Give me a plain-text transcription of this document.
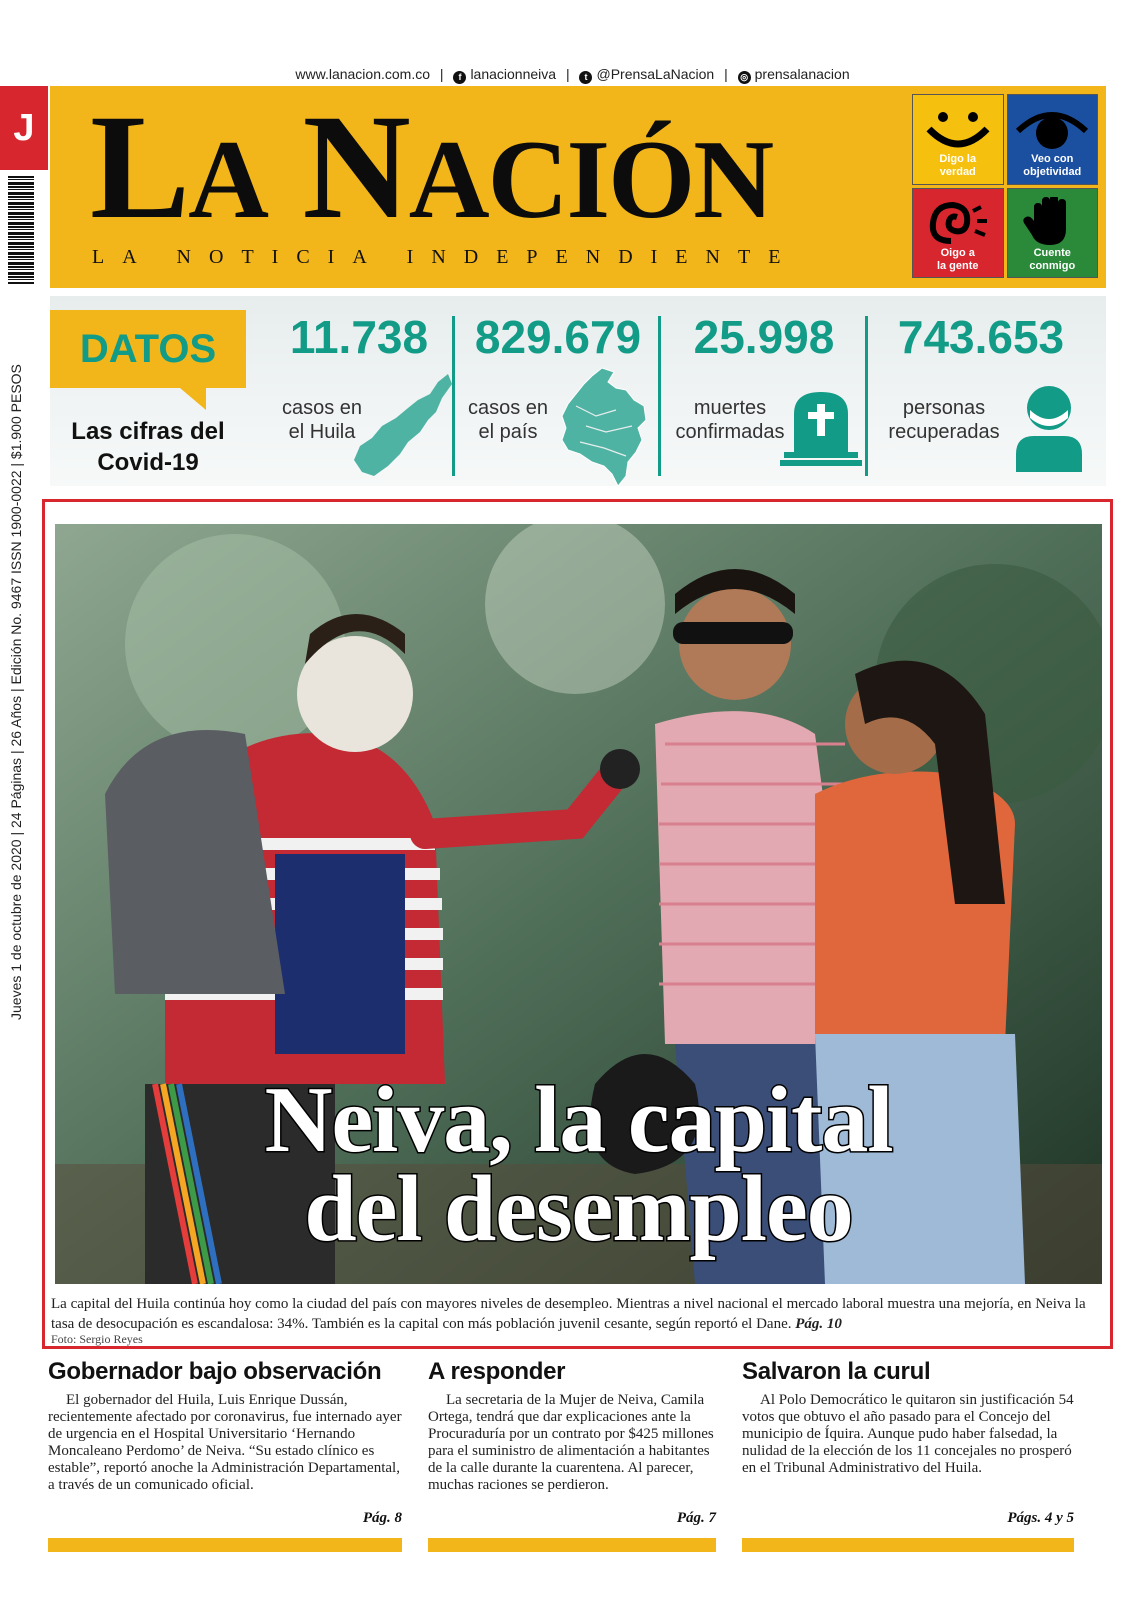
J
Jueves 1 de octubre de 2020 | 24 Páginas | 26 Años | Edición No. 9467 ISSN 1900-0022 | $1.900 PESOS
www.lanacion.com.co | f lanacionneiva | t @PrensaLaNacion | ◎ prensalanacion
LA NACIÓN
LA NOTICIA INDEPENDIENTE
Digo la
verdad
Veo con
objetividad
Oigo a
la gente
Cuente
conmigo
DATOS
Las cifras del
Covid-19
11.738
casos en
el Huila
829.679
casos en
el país
25.998
muertes
confirmadas
743.653
personas
recuperadas
Neiva, la capital
del desempleo
La capital del Huila continúa hoy como la ciudad del país con mayores niveles de desempleo. Mientras a nivel nacional el mercado laboral muestra una mejoría, en Neiva la tasa de desocupación es escandalosa: 34%. También es la capital con más población juvenil cesante, según reportó el Dane. Pág. 10
Foto: Sergio Reyes
Gobernador bajo observación

El gobernador del Huila, Luis Enrique Dussán, recientemente afectado por coronavirus, fue internado ayer de urgencia en el Hospital Universitario ‘Hernando Moncaleano Perdomo’ de Neiva. “Su estado clínico es estable”, reportó anoche la Administración Departamental, a través de un comunicado oficial.

Pág. 8
A responder

La secretaria de la Mujer de Neiva, Camila Ortega, tendrá que dar explicaciones ante la Procuraduría por un contrato por $425 millones para el suministro de alimentación a habitantes de la calle durante la cuarentena. Al parecer, muchas raciones se perdieron.

Pág. 7
Salvaron la curul

Al Polo Democrático le quitaron sin justificación 54 votos que obtuvo el año pasado para el Concejo del municipio de Íquira. Aunque pudo haber falsedad, la nulidad de la elección de los 11 concejales no prosperó en el Tribunal Administrativo del Huila.

Págs. 4 y 5
